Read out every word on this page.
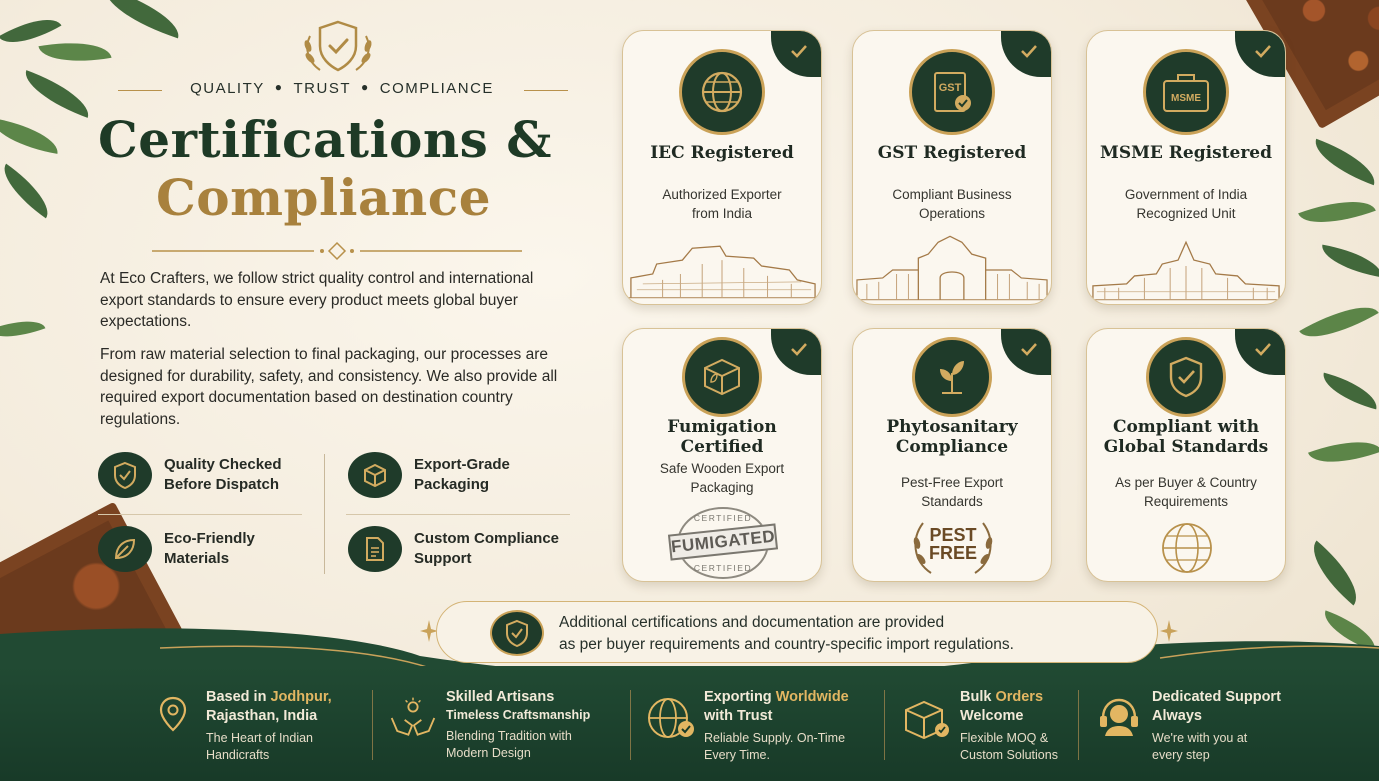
QUALITY ● TRUST ● COMPLIANCE
Certifications &
Compliance
At Eco Crafters, we follow strict quality control and international export standards to ensure every product meets global buyer expectations.
From raw material selection to final packaging, our processes are designed for durability, safety, and consistency. We also provide all required export documentation based on destination country regulations.
Quality Checked Before Dispatch
Export-Grade Packaging
Eco-Friendly Materials
Custom Compliance Support
IEC Registered
Authorized Exporter from India
GST
GST Registered
Compliant Business Operations
MSME
MSME Registered
Government of India Recognized Unit
Fumigation Certified
Safe Wooden Export Packaging
CERTIFIED
FUMIGATED
CERTIFIED
Phytosanitary Compliance
Pest-Free Export Standards
PEST
FREE
Compliant with Global Standards
As per Buyer & Country Requirements
Additional certifications and documentation are provided
as per buyer requirements and country-specific import regulations.
Based in Jodhpur,
Rajasthan, India
The Heart of Indian Handicrafts
Skilled Artisans
Timeless Craftsmanship
Blending Tradition with Modern Design
Exporting Worldwide
with Trust
Reliable Supply. On-Time Every Time.
Bulk Orders
Welcome
Flexible MOQ & Custom Solutions
Dedicated Support
Always
We're with you at every step
